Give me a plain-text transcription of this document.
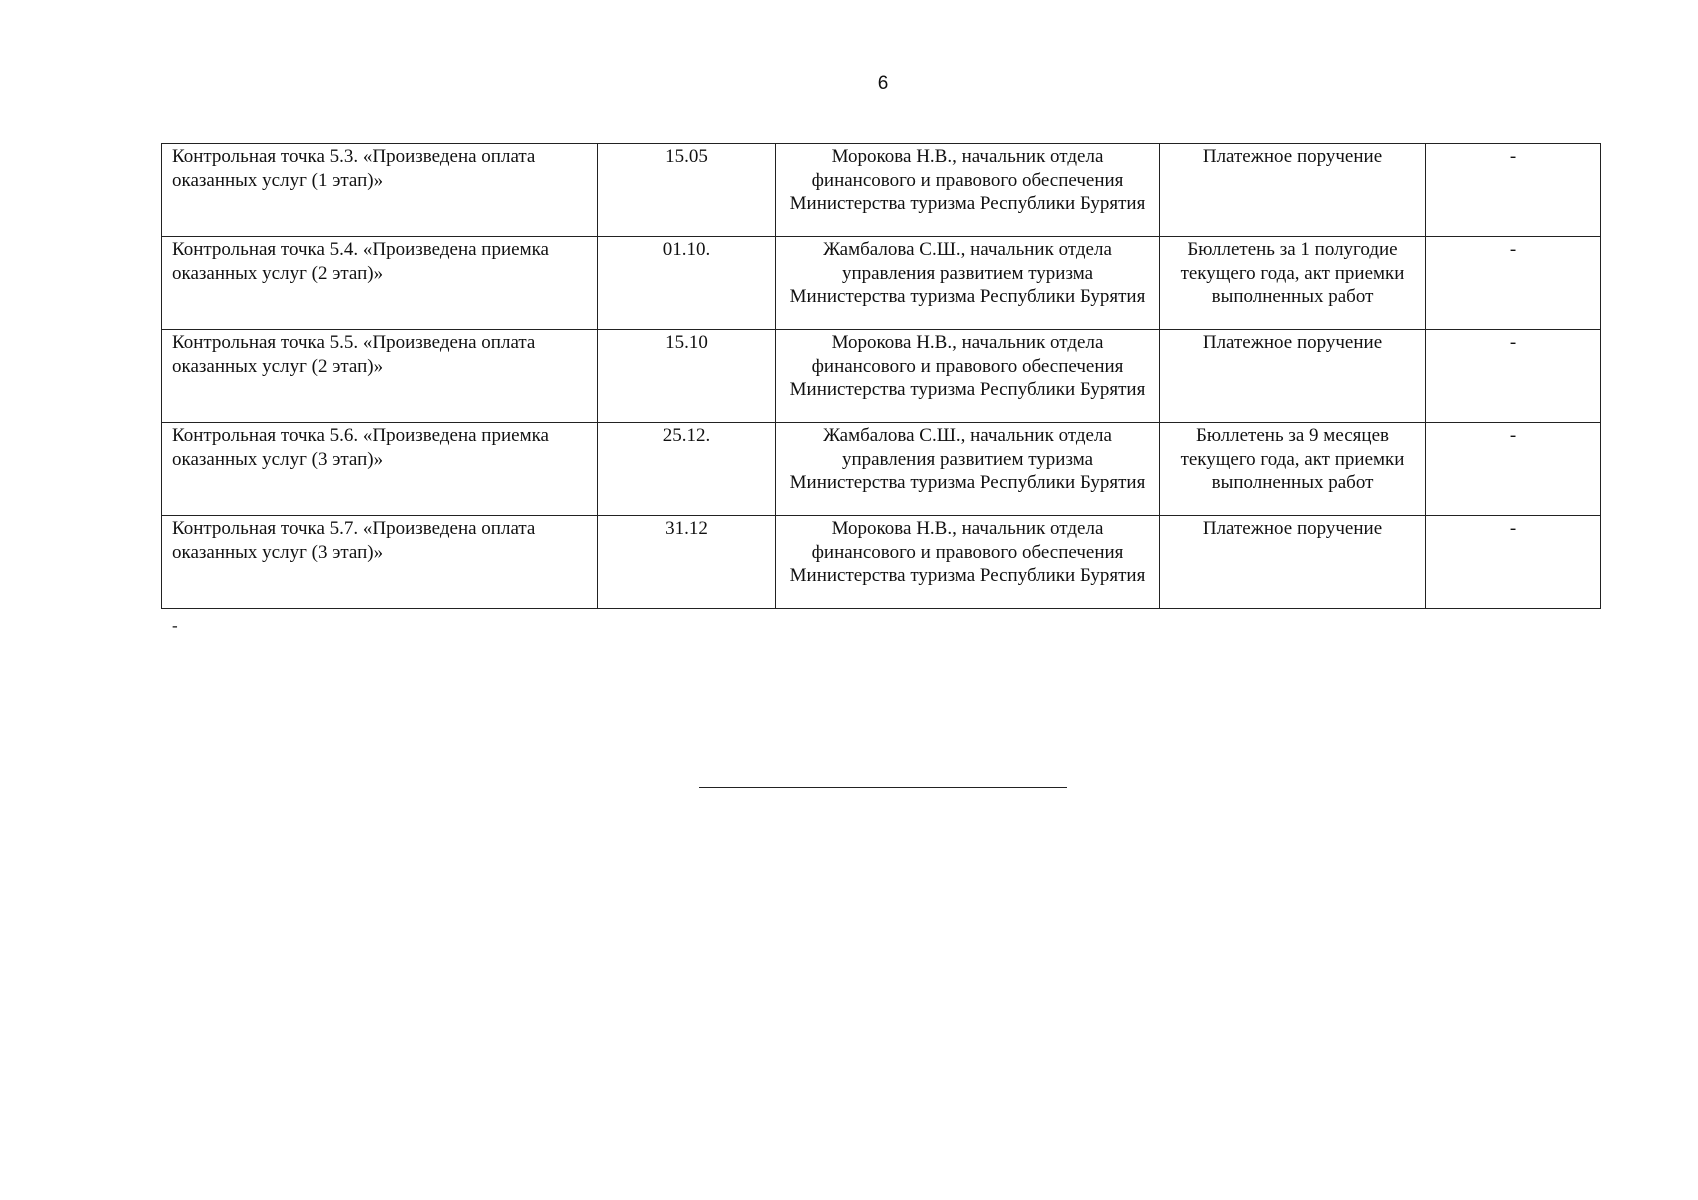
6
Контрольная точка 5.3. «Произведена оплата оказанных услуг (1 этап)»	15.05	Морокова Н.В., начальник отдела финансового и правового обеспечения Министерства туризма Республики Бурятия	Платежное поручение	-

Контрольная точка 5.4. «Произведена приемка оказанных услуг (2 этап)»	01.10.	Жамбалова С.Ш., начальник отдела управления развитием туризма Министерства туризма Республики Бурятия	Бюллетень за 1 полугодие текущего года, акт приемки выполненных работ	-

Контрольная точка 5.5. «Произведена оплата оказанных услуг (2 этап)»	15.10	Морокова Н.В., начальник отдела финансового и правового обеспечения Министерства туризма Республики Бурятия	Платежное поручение	-

Контрольная точка 5.6. «Произведена приемка оказанных услуг (3 этап)»	25.12.	Жамбалова С.Ш., начальник отдела управления развитием туризма Министерства туризма Республики Бурятия	Бюллетень за 9 месяцев текущего года, акт приемки выполненных работ	-

Контрольная точка 5.7. «Произведена оплата оказанных услуг (3 этап)»	31.12	Морокова Н.В., начальник отдела финансового и правового обеспечения Министерства туризма Республики Бурятия	Платежное поручение	-
-
